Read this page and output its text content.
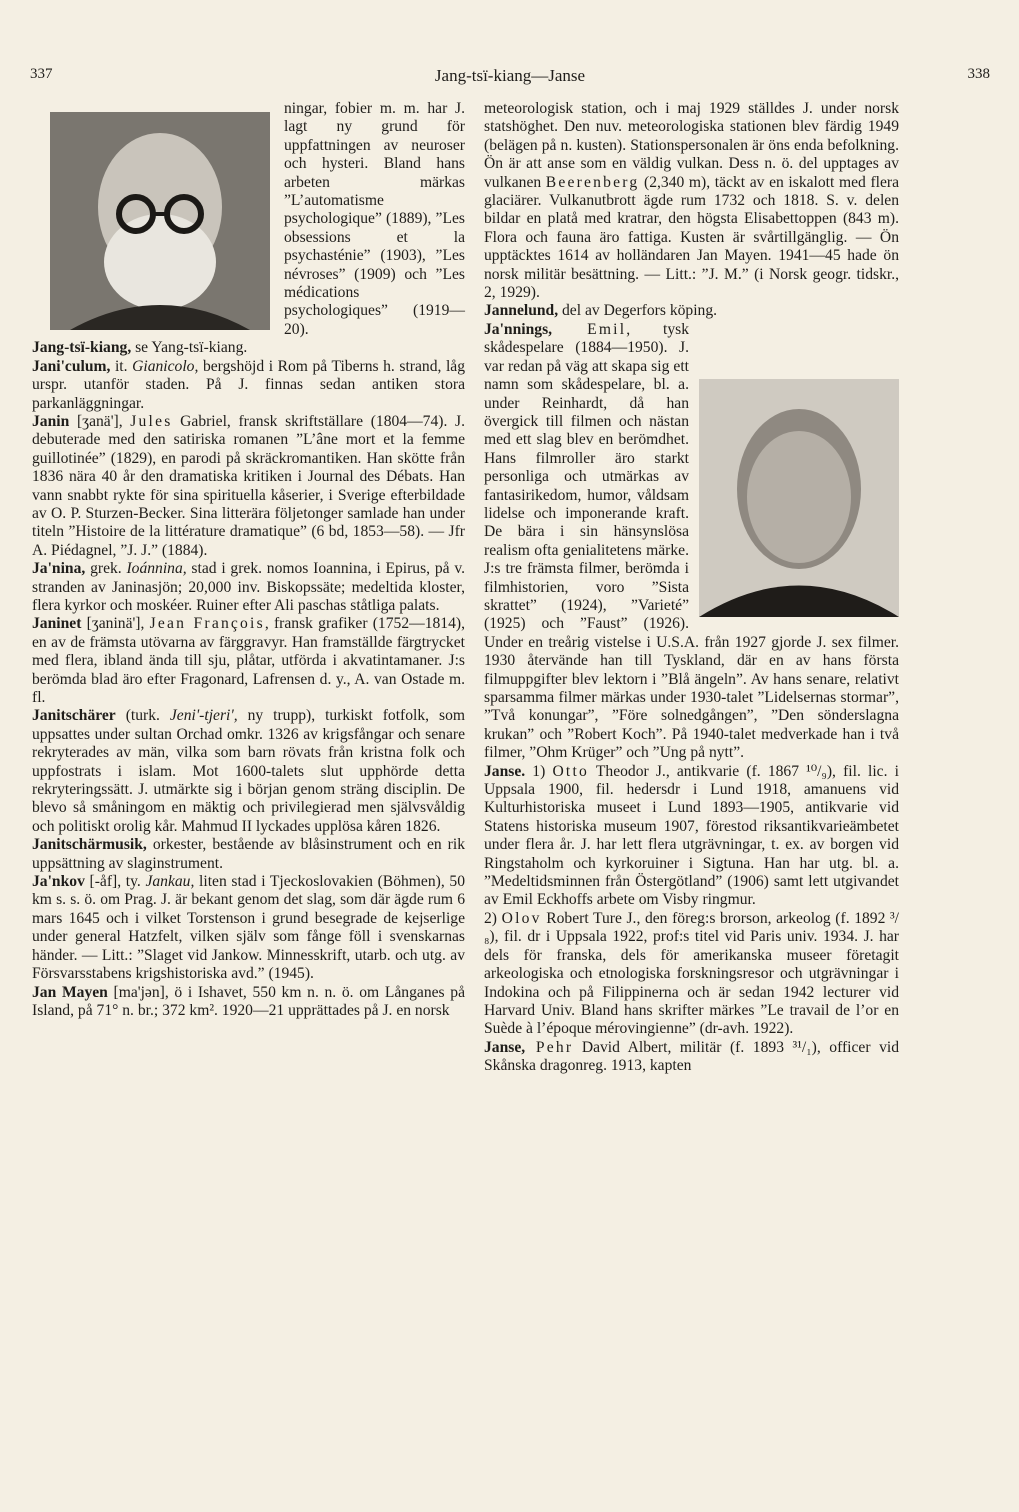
337	Jang-tsï-kiang—Janse	338

ningar, fobier m. m. har J. lagt ny grund för uppfattningen av neuroser och hysteri. Bland hans arbeten märkas ”L’automatisme psychologique” (1889), ”Les obsessions et la psychasténie” (1903), ”Les névroses” (1909) och ”Les médications psychologiques” (1919—20).

Jang-tsï-kiang, se Yang-tsï-kiang.

Jani'culum, it. Gianicolo, bergshöjd i Rom på Tiberns h. strand, låg urspr. utanför staden. På J. finnas sedan antiken stora parkanläggningar.

Janin [ʒanä'], Jules Gabriel, fransk skriftställare (1804—74). J. debuterade med den satiriska romanen ”L’âne mort et la femme guillotinée” (1829), en parodi på skräckromantiken. Han skötte från 1836 nära 40 år den dramatiska kritiken i Journal des Débats. Han vann snabbt rykte för sina spirituella kåserier, i Sverige efterbildade av O. P. Sturzen-Becker. Sina litterära följetonger samlade han under titeln ”Histoire de la littérature dramatique” (6 bd, 1853—58). — Jfr A. Piédagnel, ”J. J.” (1884).

Ja'nina, grek. Ioánnina, stad i grek. nomos Ioannina, i Epirus, på v. stranden av Janinasjön; 20,000 inv. Biskopssäte; medeltida kloster, flera kyrkor och moskéer. Ruiner efter Ali paschas ståtliga palats.

Janinet [ʒaninä'], Jean François, fransk grafiker (1752—1814), en av de främsta utövarna av färggravyr. Han framställde färgtrycket med flera, ibland ända till sju, plåtar, utförda i akvatintamaner. J:s berömda blad äro efter Fragonard, Lafrensen d. y., A. van Ostade m. fl.

Janitschärer (turk. Jeni'-tjeri', ny trupp), turkiskt fotfolk, som uppsattes under sultan Orchad omkr. 1326 av krigsfångar och senare rekryterades av män, vilka som barn rövats från kristna folk och uppfostrats i islam. Mot 1600-talets slut upphörde detta rekryteringssätt. J. utmärkte sig i början genom sträng disciplin. De blevo så småningom en mäktig och privilegierad men självsvåldig och politiskt orolig kår. Mahmud II lyckades upplösa kåren 1826.

Janitschärmusik, orkester, bestående av blåsinstrument och en rik uppsättning av slaginstrument.

Ja'nkov [-åf], ty. Jankau, liten stad i Tjeckoslovakien (Böhmen), 50 km s. s. ö. om Prag. J. är bekant genom det slag, som där ägde rum 6 mars 1645 och i vilket Torstenson i grund besegrade de kejserlige under general Hatzfelt, vilken själv som fånge föll i svenskarnas händer. — Litt.: ”Slaget vid Jankow. Minnesskrift, utarb. och utg. av Försvarsstabens krigshistoriska avd.” (1945).

Jan Mayen [ma'jən], ö i Ishavet, 550 km n. n. ö. om Långanes på Island, på 71° n. br.; 372 km². 1920—21 upprättades på J. en norsk

meteorologisk station, och i maj 1929 ställdes J. under norsk statshöghet. Den nuv. meteorologiska stationen blev färdig 1949 (belägen på n. kusten). Stationspersonalen är öns enda befolkning. Ön är att anse som en väldig vulkan. Dess n. ö. del upptages av vulkanen Beerenberg (2,340 m), täckt av en iskalott med flera glaciärer. Vulkanutbrott ägde rum 1732 och 1818. S. v. delen bildar en platå med kratrar, den högsta Elisabettoppen (843 m). Flora och fauna äro fattiga. Kusten är svårtillgänglig. — Ön upptäcktes 1614 av holländaren Jan Mayen. 1941—45 hade ön norsk militär besättning. — Litt.: ”J. M.” (i Norsk geogr. tidskr., 2, 1929).

Jannelund, del av Degerfors köping.

Ja'nnings, Emil, tysk skådespelare (1884—1950). J. var redan på väg att skapa sig ett namn som skådespelare, bl. a. under Reinhardt, då han övergick till filmen och nästan med ett slag blev en berömdhet. Hans filmroller äro starkt personliga och utmärkas av fantasirikedom, humor, våldsam lidelse och imponerande kraft. De bära i sin hänsynslösa realism ofta genialitetens märke. J:s tre främsta filmer, berömda i filmhistorien, voro ”Sista skrattet” (1924), ”Varieté” (1925) och ”Faust” (1926). Under en treårig vistelse i U.S.A. från 1927 gjorde J. sex filmer. 1930 återvände han till Tyskland, där en av hans första filmuppgifter blev lektorn i ”Blå ängeln”. Av hans senare, relativt sparsamma filmer märkas under 1930-talet ”Lidelsernas stormar”, ”Två konungar”, ”Före solnedgången”, ”Den sönderslagna krukan” och ”Robert Koch”. På 1940-talet medverkade han i två filmer, ”Ohm Krüger” och ”Ung på nytt”.

Janse. 1) Otto Theodor J., antikvarie (f. 1867 ¹⁰/₉), fil. lic. i Uppsala 1900, fil. hedersdr i Lund 1918, amanuens vid Kulturhistoriska museet i Lund 1893—1905, antikvarie vid Statens historiska museum 1907, förestod riksantikvarieämbetet under flera år. J. har lett flera utgrävningar, t. ex. av borgen vid Ringstaholm och kyrkoruiner i Sigtuna. Han har utg. bl. a. ”Medeltidsminnen från Östergötland” (1906) samt lett utgivandet av Emil Eckhoffs arbete om Visby ringmur.

2) Olov Robert Ture J., den föreg:s brorson, arkeolog (f. 1892 ³/₈), fil. dr i Uppsala 1922, prof:s titel vid Paris univ. 1934. J. har dels för franska, dels för amerikanska museer företagit arkeologiska och etnologiska forskningsresor och utgrävningar i Indokina och på Filippinerna och är sedan 1942 lecturer vid Harvard Univ. Bland hans skrifter märkes ”Le travail de l’or en Suède à l’époque mérovingienne” (dr-avh. 1922).

Janse, Pehr David Albert, militär (f. 1893 ³¹/₁), officer vid Skånska dragonreg. 1913, kapten
